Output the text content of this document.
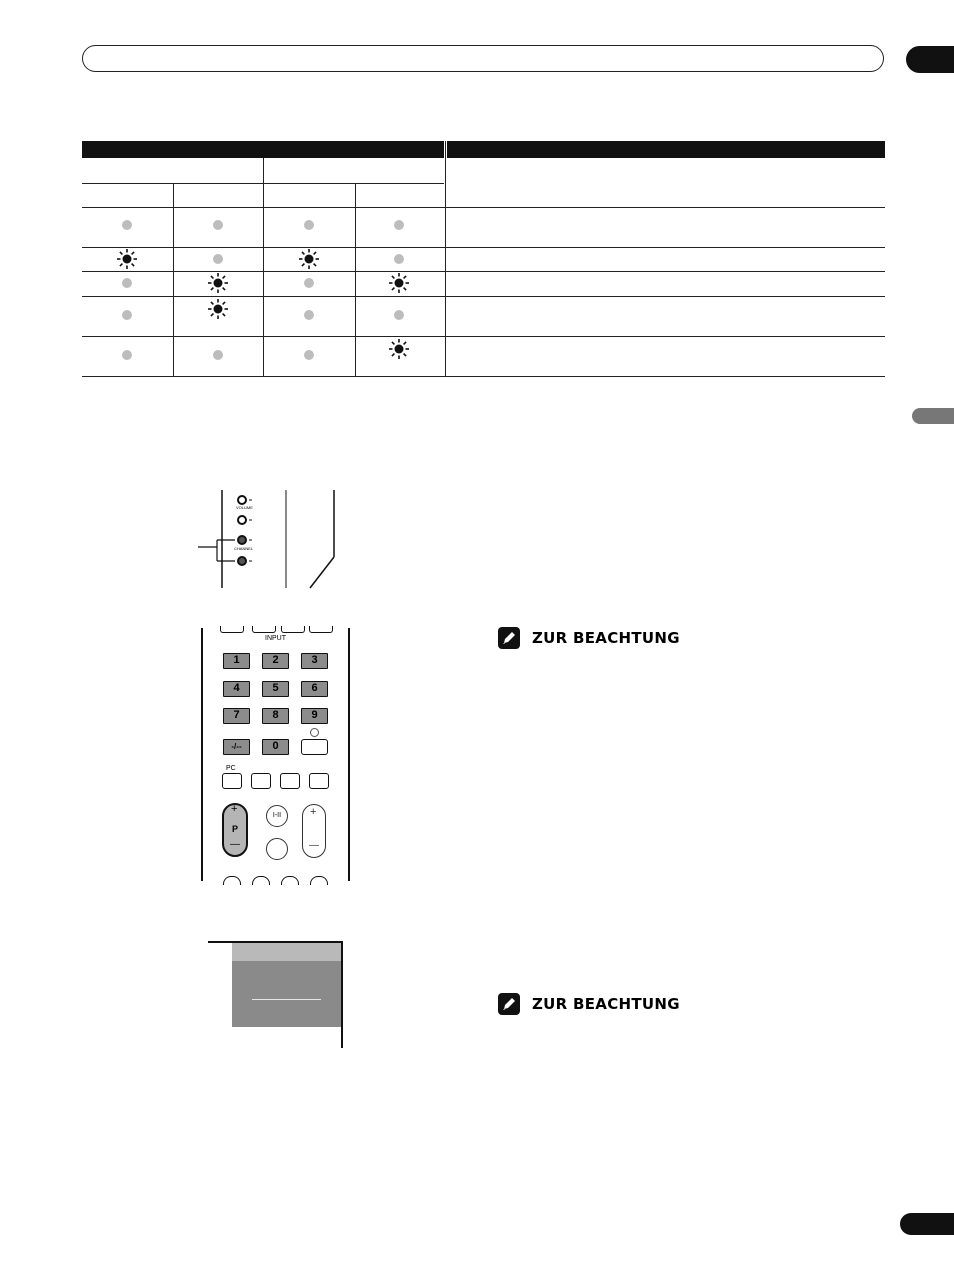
VOLUME
CHANNEL
INPUT
1	2	3
4	5	6
7	8	9
-/--	0
PC
+
P
—
I-II	+
—
ZUR BEACHTUNG
ZUR BEACHTUNG
